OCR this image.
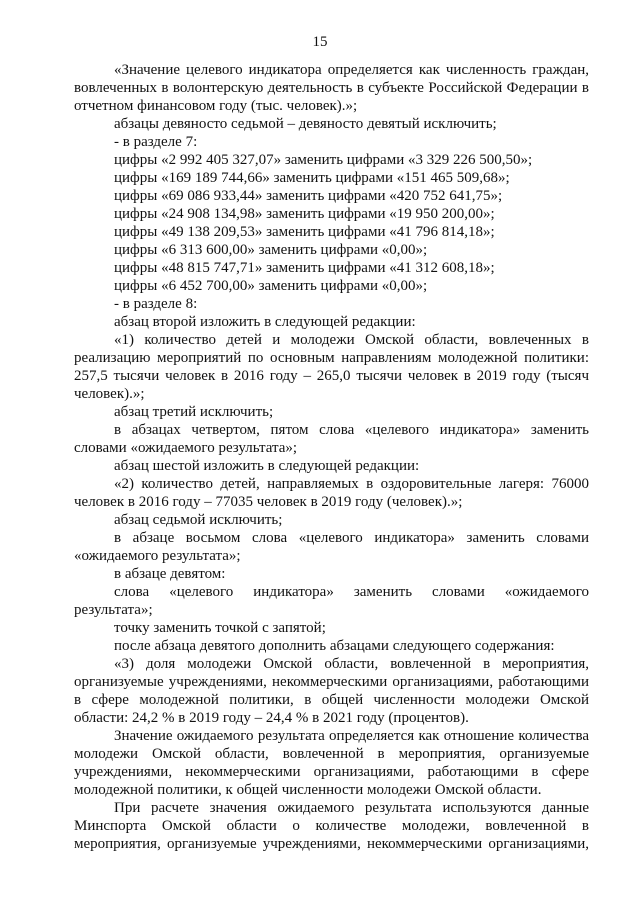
15

«Значение целевого индикатора определяется как численность граждан,

вовлеченных в волонтерскую деятельность в субъекте Российской Федерации в

отчетном финансовом году (тыс. человек).»;

абзацы девяносто седьмой – девяносто девятый исключить;

- в разделе 7:

цифры «2 992 405 327,07» заменить цифрами «3 329 226 500,50»;

цифры «169 189 744,66» заменить цифрами «151 465 509,68»;

цифры «69 086 933,44» заменить цифрами «420 752 641,75»;

цифры «24 908 134,98» заменить цифрами «19 950 200,00»;

цифры «49 138 209,53» заменить цифрами «41 796 814,18»;

цифры «6 313 600,00» заменить цифрами «0,00»;

цифры «48 815 747,71» заменить цифрами «41 312 608,18»;

цифры «6 452 700,00» заменить цифрами «0,00»;

- в разделе 8:

абзац второй изложить в следующей редакции:

«1) количество детей и молодежи Омской области, вовлеченных в

реализацию мероприятий по основным направлениям молодежной политики:

257,5 тысячи человек в 2016 году – 265,0 тысячи человек в 2019 году (тысяч

человек).»;

абзац третий исключить;

в абзацах четвертом, пятом слова «целевого индикатора» заменить

словами «ожидаемого результата»;

абзац шестой изложить в следующей редакции:

«2) количество детей, направляемых в оздоровительные лагеря: 76000

человек в 2016 году – 77035 человек в 2019 году (человек).»;

абзац седьмой исключить;

в абзаце восьмом слова «целевого индикатора» заменить словами

«ожидаемого результата»;

в абзаце девятом:

слова «целевого индикатора» заменить словами «ожидаемого

результата»;

точку заменить точкой с запятой;

после абзаца девятого дополнить абзацами следующего содержания:

«3) доля молодежи Омской области, вовлеченной в мероприятия,

организуемые учреждениями, некоммерческими организациями, работающими

в сфере молодежной политики, в общей численности молодежи Омской

области: 24,2 % в 2019 году – 24,4 % в 2021 году (процентов).

Значение ожидаемого результата определяется как отношение количества

молодежи Омской области, вовлеченной в мероприятия, организуемые

учреждениями, некоммерческими организациями, работающими в сфере

молодежной политики, к общей численности молодежи Омской области.

При расчете значения ожидаемого результата используются данные

Минспорта Омской области о количестве молодежи, вовлеченной в

мероприятия, организуемые учреждениями, некоммерческими организациями,
